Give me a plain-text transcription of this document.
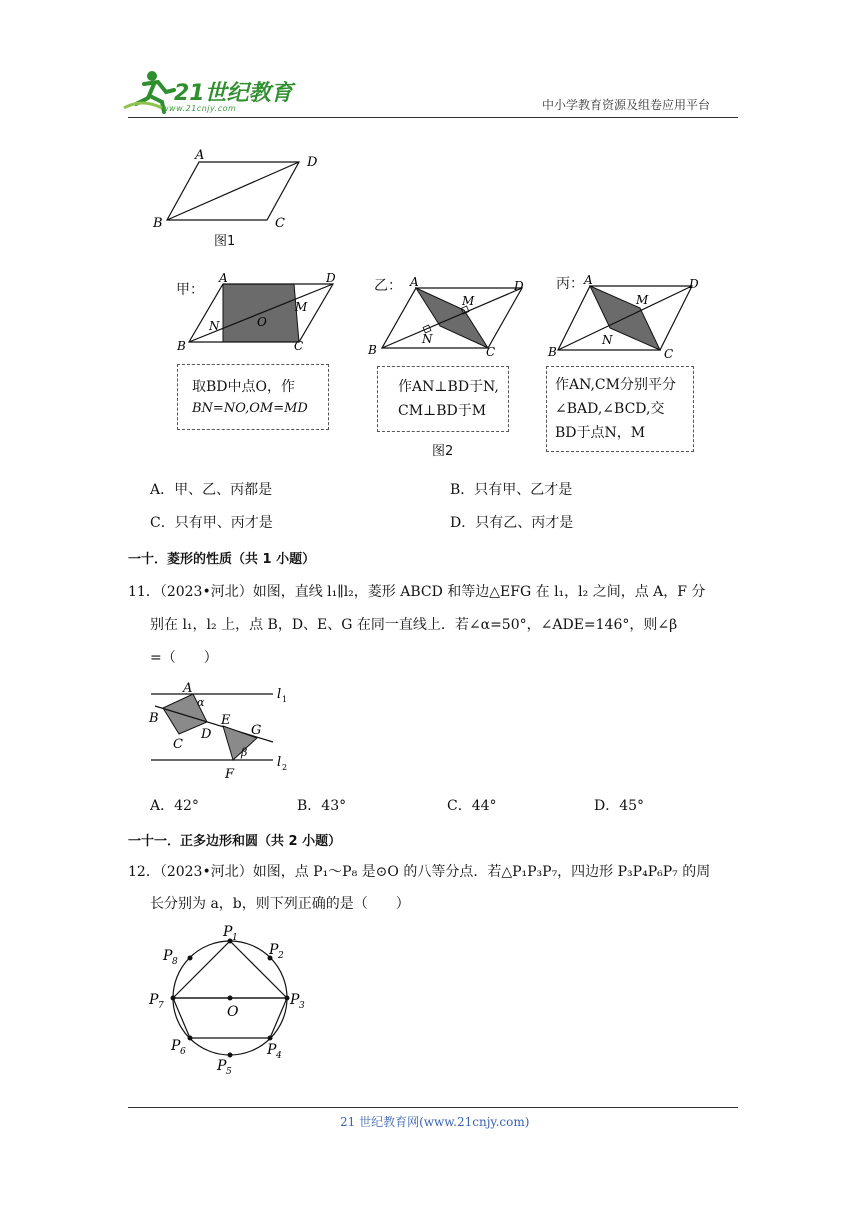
21世纪教育
www.21cnjy.com	中小学教育资源及组卷应用平台
A	D
B	C
图1
甲：
A	D
B	C
M
N	O
取BD中点O，作
BN=NO,OM=MD
乙： A	D
B	C
M
N
作AN⊥BD于N,
CM⊥BD于M
图2
丙： A	D
B	C
M
N
作AN,CM分别平分
∠BAD,∠BCD,交
BD于点N，M
A．甲、乙、丙都是	B．只有甲、乙才是
C．只有甲、丙才是	D．只有乙、丙才是
一十．菱形的性质（共 1 小题）
11．（2023•河北）如图，直线 l₁∥l₂，菱形 ABCD 和等边△EFG 在 l₁，l₂ 之间，点 A，F 分
别在 l₁，l₂ 上，点 B，D、E、G 在同一直线上．若∠α=50°，∠ADE=146°，则∠β
=（　　）
A
α
B
C
D
E
G
β
F
l 1
l 2
A．42°	B．43°	C．44°	D．45°
一十一．正多边形和圆（共 2 小题）
12．（2023•河北）如图，点 P₁～P₈ 是⊙O 的八等分点．若△P₁P₃P₇，四边形 P₃P₄P₆P₇ 的周
长分别为 a，b，则下列正确的是（　　）
P 1
P 2
P 3
P 4
P 5
P 6
P 7
P 8
O
21 世纪教育网(www.21cnjy.com)
